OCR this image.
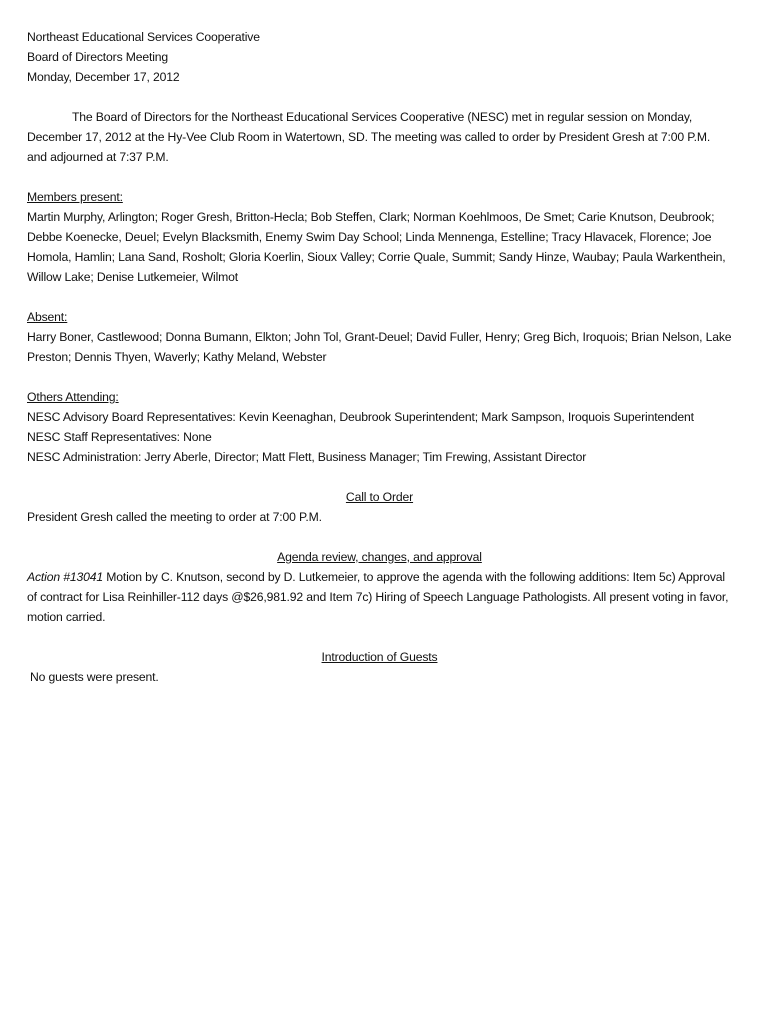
Northeast Educational Services Cooperative
Board of Directors Meeting
Monday, December 17, 2012

The Board of Directors for the Northeast Educational Services Cooperative (NESC) met in regular session on Monday, December 17, 2012 at the Hy-Vee Club Room in Watertown, SD. The meeting was called to order by President Gresh at 7:00 P.M. and adjourned at 7:37 P.M.

Members present:

Martin Murphy, Arlington; Roger Gresh, Britton-Hecla; Bob Steffen, Clark; Norman Koehlmoos, De Smet; Carie Knutson, Deubrook; Debbe Koenecke, Deuel; Evelyn Blacksmith, Enemy Swim Day School; Linda Mennenga, Estelline; Tracy Hlavacek, Florence; Joe Homola, Hamlin; Lana Sand, Rosholt; Gloria Koerlin, Sioux Valley; Corrie Quale, Summit; Sandy Hinze, Waubay; Paula Warkenthein, Willow Lake; Denise Lutkemeier, Wilmot

Absent:

Harry Boner, Castlewood; Donna Bumann, Elkton; John Tol, Grant-Deuel; David Fuller, Henry; Greg Bich, Iroquois; Brian Nelson, Lake Preston; Dennis Thyen, Waverly; Kathy Meland, Webster

Others Attending:

NESC Advisory Board Representatives: Kevin Keenaghan, Deubrook Superintendent; Mark Sampson, Iroquois Superintendent

NESC Staff Representatives: None

NESC Administration: Jerry Aberle, Director; Matt Flett, Business Manager; Tim Frewing, Assistant Director

Call to Order

President Gresh called the meeting to order at 7:00 P.M.

Agenda review, changes, and approval

Action #13041 Motion by C. Knutson, second by D. Lutkemeier, to approve the agenda with the following additions: Item 5c) Approval of contract for Lisa Reinhiller-112 days @$26,981.92 and Item 7c) Hiring of Speech Language Pathologists. All present voting in favor, motion carried.

Introduction of Guests

No guests were present.
